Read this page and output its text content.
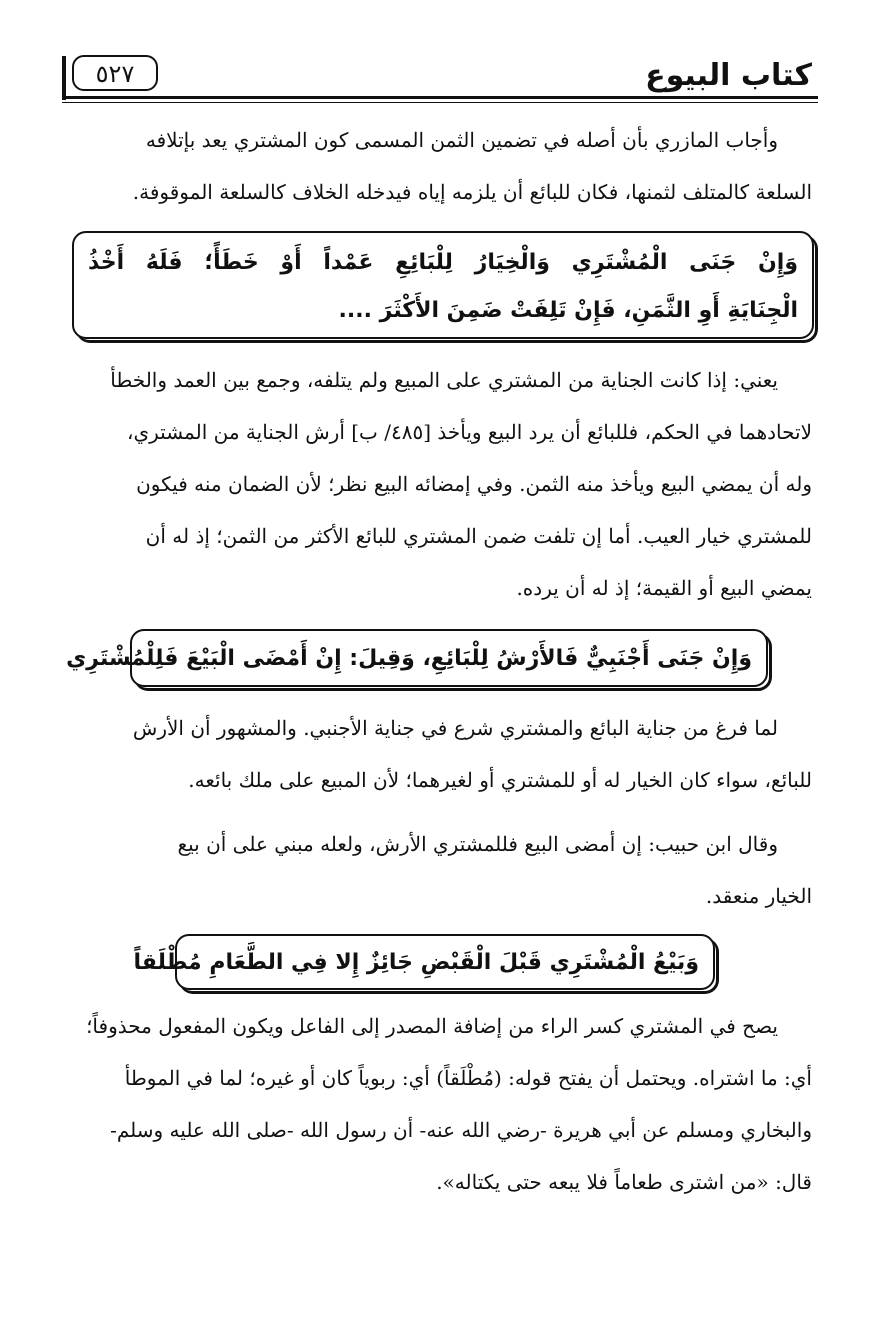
كتاب البيوع
٥٢٧
وأجاب المازري بأن أصله في تضمين الثمن المسمى كون المشتري يعد بإتلافه
السلعة كالمتلف لثمنها، فكان للبائع أن يلزمه إياه فيدخله الخلاف كالسلعة الموقوفة.
وَإِنْ جَنَى الْمُشْتَرِي وَالْخِيَارُ لِلْبَائِعِ عَمْداً أَوْ خَطَأً؛ فَلَهُ أَخْذُ
الْجِنَايَةِ أَوِ الثَّمَنِ، فَإِنْ تَلِفَتْ ضَمِنَ الأَكْثَرَ ....
يعني: إذا كانت الجناية من المشتري على المبيع ولم يتلفه، وجمع بين العمد والخطأ
لاتحادهما في الحكم، فللبائع أن يرد البيع ويأخذ [٤٨٥/ ب] أرش الجناية من المشتري،
وله أن يمضي البيع ويأخذ منه الثمن. وفي إمضائه البيع نظر؛ لأن الضمان منه فيكون
للمشتري خيار العيب. أما إن تلفت ضمن المشتري للبائع الأكثر من الثمن؛ إذ له أن
يمضي البيع أو القيمة؛ إذ له أن يرده.
وَإِنْ جَنَى أَجْنَبِيٌّ فَالأَرْشُ لِلْبَائِعِ، وَقِيلَ: إِنْ أَمْضَى الْبَيْعَ فَلِلْمُشْتَرِي
لما فرغ من جناية البائع والمشتري شرع في جناية الأجنبي. والمشهور أن الأرش
للبائع، سواء كان الخيار له أو للمشتري أو لغيرهما؛ لأن المبيع على ملك بائعه.
وقال ابن حبيب: إن أمضى البيع فللمشتري الأرش، ولعله مبني على أن بيع
الخيار منعقد.
وَبَيْعُ الْمُشْتَرِي قَبْلَ الْقَبْضِ جَائِزٌ إِلا فِي الطَّعَامِ مُطْلَقاً
يصح في المشتري كسر الراء من إضافة المصدر إلى الفاعل ويكون المفعول محذوفاً؛
أي: ما اشتراه. ويحتمل أن يفتح قوله: (مُطْلَقاً) أي: ربوياً كان أو غيره؛ لما في الموطأ
والبخاري ومسلم عن أبي هريرة -رضي الله عنه- أن رسول الله -صلى الله عليه وسلم-
قال: «من اشترى طعاماً فلا يبعه حتى يكتاله».
